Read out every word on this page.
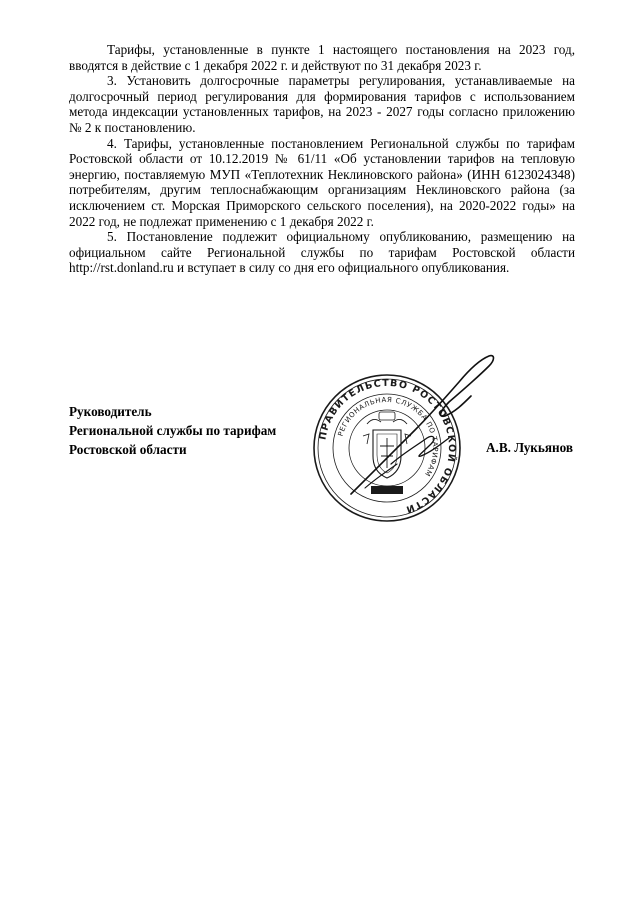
Тарифы, установленные в пункте 1 настоящего постановления на 2023 год, вводятся в действие с 1 декабря 2022 г. и действуют по 31 декабря 2023 г.

3. Установить долгосрочные параметры регулирования, устанавливаемые на долгосрочный период регулирования для формирования тарифов с использованием метода индексации установленных тарифов, на 2023 - 2027 годы согласно приложению № 2 к постановлению.

4. Тарифы, установленные постановлением Региональной службы по тарифам Ростовской области от 10.12.2019 № 61/11 «Об установлении тарифов на тепловую энергию, поставляемую МУП «Теплотехник Неклиновского района» (ИНН 6123024348) потребителям, другим теплоснабжающим организациям Неклиновского района (за исключением ст. Морская Приморского сельского поселения), на 2020-2022 годы» на 2022 год, не подлежат применению с 1 декабря 2022 г.

5. Постановление подлежит официальному опубликованию, размещению на официальном сайте Региональной службы по тарифам Ростовской области http://rst.donland.ru и вступает в силу со дня его официального опубликования.

Руководитель
Региональной службы по тарифам
Ростовской области
ПРАВИТЕЛЬСТВО РОСТОВСКОЙ ОБЛАСТИ
РЕГИОНАЛЬНАЯ СЛУЖБА ПО ТАРИФАМ
А.В. Лукьянов
